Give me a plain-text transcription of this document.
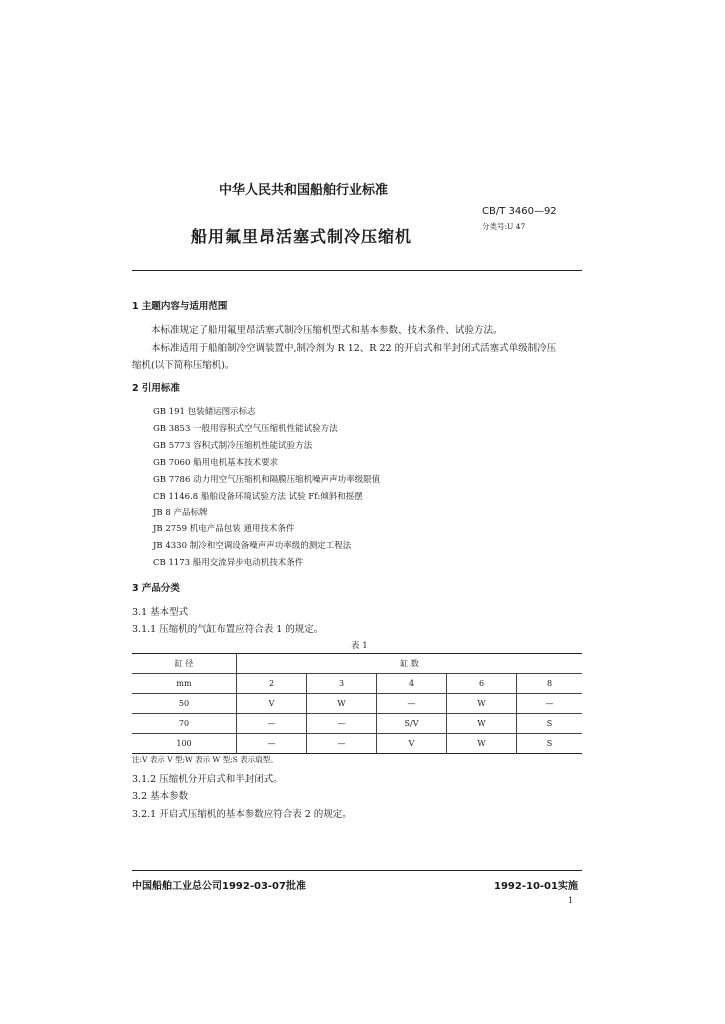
中华人民共和国船舶行业标准
船用氟里昂活塞式制冷压缩机
CB/T 3460—92
分类号:U 47
1 主题内容与适用范围
本标准规定了船用氟里昂活塞式制冷压缩机型式和基本参数、技术条件、试验方法。
本标准适用于船舶制冷空调装置中,制冷剂为 R 12、R 22 的开启式和半封闭式活塞式单级制冷压
缩机(以下简称压缩机)。
2 引用标准
GB 191 包装储运图示标志
GB 3853 一般用容积式空气压缩机性能试验方法
GB 5773 容积式制冷压缩机性能试验方法
GB 7060 船用电机基本技术要求
GB 7786 动力用空气压缩机和隔膜压缩机噪声声功率级限值
CB 1146.8 船舶设备环境试验方法 试验 Ff:倾斜和摇摆
JB 8 产品标牌
JB 2759 机电产品包装 通用技术条件
JB 4330 制冷和空调设备噪声声功率级的测定工程法
CB 1173 船用交流异步电动机技术条件
3 产品分类
3.1 基本型式
3.1.1 压缩机的气缸布置应符合表 1 的规定。
表 1
缸 径	缸 数				
mm	2	3	4	6	8
50	V	W	—	W	—
70	—	—	S/V	W	S
100	—	—	V	W	S
注:V 表示 V 型;W 表示 W 型;S 表示扇型。
3.1.2 压缩机分开启式和半封闭式。
3.2 基本参数
3.2.1 开启式压缩机的基本参数应符合表 2 的规定。
中国船舶工业总公司1992-03-07批准	1992-10-01实施
1
